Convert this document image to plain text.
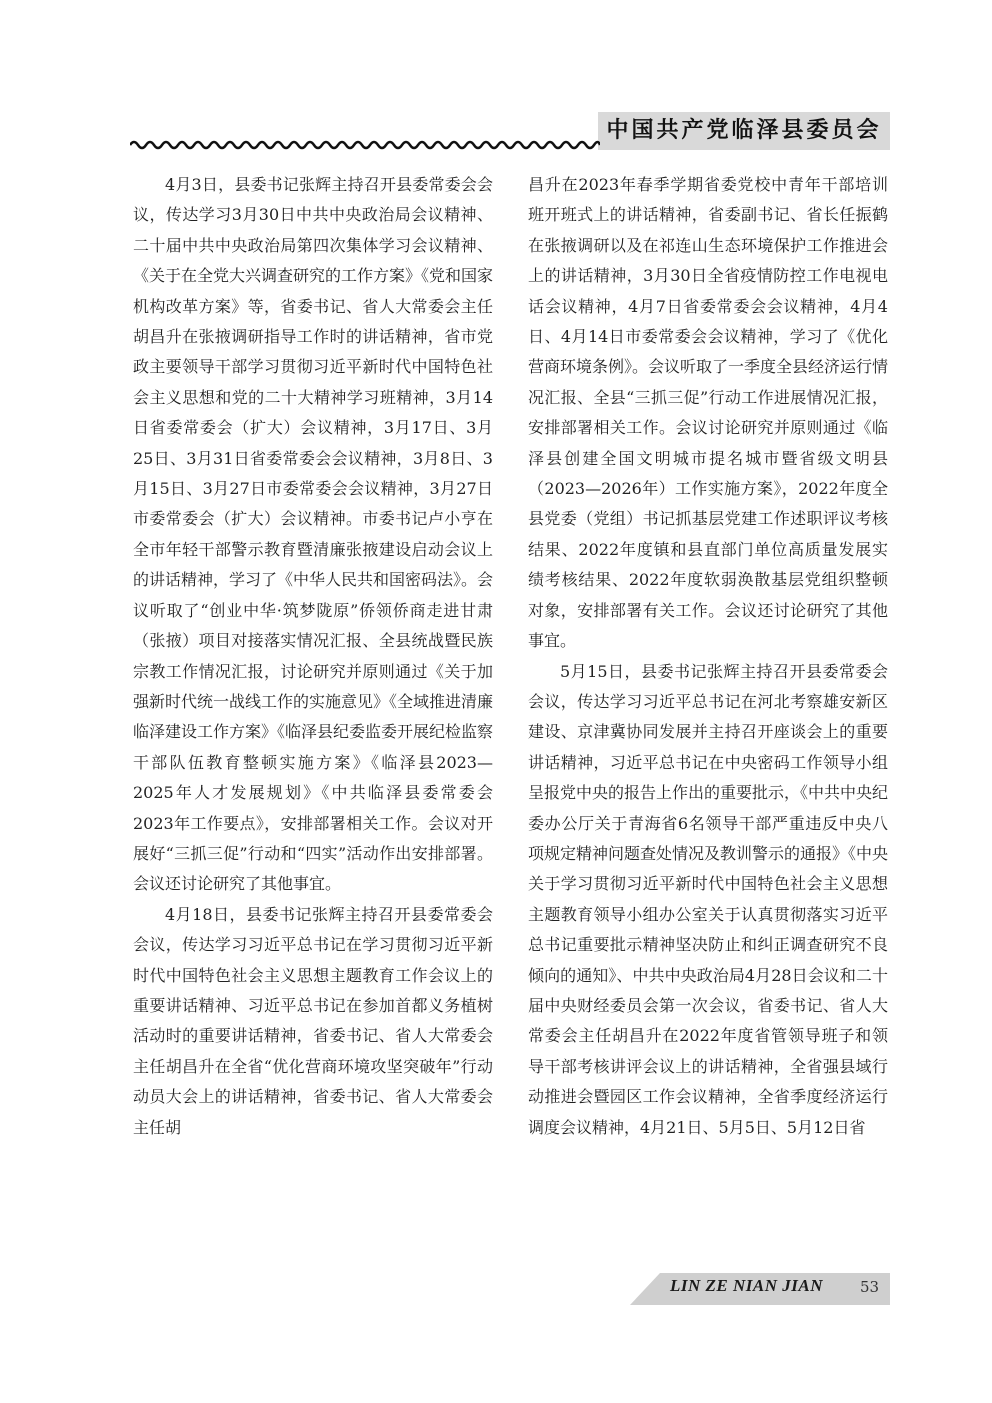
中国共产党临泽县委员会

4月3日，县委书记张辉主持召开县委常委会会议，传达学习3月30日中共中央政治局会议精神、二十届中共中央政治局第四次集体学习会议精神、《关于在全党大兴调查研究的工作方案》《党和国家机构改革方案》等，省委书记、省人大常委会主任胡昌升在张掖调研指导工作时的讲话精神，省市党政主要领导干部学习贯彻习近平新时代中国特色社会主义思想和党的二十大精神学习班精神，3月14日省委常委会（扩大）会议精神，3月17日、3月25日、3月31日省委常委会会议精神，3月8日、3月15日、3月27日市委常委会会议精神，3月27日市委常委会（扩大）会议精神。市委书记卢小亨在全市年轻干部警示教育暨清廉张掖建设启动会议上的讲话精神，学习了《中华人民共和国密码法》。会议听取了“创业中华·筑梦陇原”侨领侨商走进甘肃（张掖）项目对接落实情况汇报、全县统战暨民族宗教工作情况汇报，讨论研究并原则通过《关于加强新时代统一战线工作的实施意见》《全域推进清廉临泽建设工作方案》《临泽县纪委监委开展纪检监察干部队伍教育整顿实施方案》《临泽县2023—2025年人才发展规划》《中共临泽县委常委会2023年工作要点》，安排部署相关工作。会议对开展好“三抓三促”行动和“四实”活动作出安排部署。会议还讨论研究了其他事宜。

4月18日，县委书记张辉主持召开县委常委会会议，传达学习习近平总书记在学习贯彻习近平新时代中国特色社会主义思想主题教育工作会议上的重要讲话精神、习近平总书记在参加首都义务植树活动时的重要讲话精神，省委书记、省人大常委会主任胡昌升在全省“优化营商环境攻坚突破年”行动动员大会上的讲话精神，省委书记、省人大常委会主任胡

昌升在2023年春季学期省委党校中青年干部培训班开班式上的讲话精神，省委副书记、省长任振鹤在张掖调研以及在祁连山生态环境保护工作推进会上的讲话精神，3月30日全省疫情防控工作电视电话会议精神，4月7日省委常委会会议精神，4月4日、4月14日市委常委会会议精神，学习了《优化营商环境条例》。会议听取了一季度全县经济运行情况汇报、全县“三抓三促”行动工作进展情况汇报，安排部署相关工作。会议讨论研究并原则通过《临泽县创建全国文明城市提名城市暨省级文明县（2023—2026年）工作实施方案》，2022年度全县党委（党组）书记抓基层党建工作述职评议考核结果、2022年度镇和县直部门单位高质量发展实绩考核结果、2022年度软弱涣散基层党组织整顿对象，安排部署有关工作。会议还讨论研究了其他事宜。

5月15日，县委书记张辉主持召开县委常委会会议，传达学习习近平总书记在河北考察雄安新区建设、京津冀协同发展并主持召开座谈会上的重要讲话精神，习近平总书记在中央密码工作领导小组呈报党中央的报告上作出的重要批示，《中共中央纪委办公厅关于青海省6名领导干部严重违反中央八项规定精神问题查处情况及教训警示的通报》《中央关于学习贯彻习近平新时代中国特色社会主义思想主题教育领导小组办公室关于认真贯彻落实习近平总书记重要批示精神坚决防止和纠正调查研究不良倾向的通知》、中共中央政治局4月28日会议和二十届中央财经委员会第一次会议，省委书记、省人大常委会主任胡昌升在2022年度省管领导班子和领导干部考核讲评会议上的讲话精神，全省强县域行动推进会暨园区工作会议精神，全省季度经济运行调度会议精神，4月21日、5月5日、5月12日省

LIN ZE NIAN JIAN 53
